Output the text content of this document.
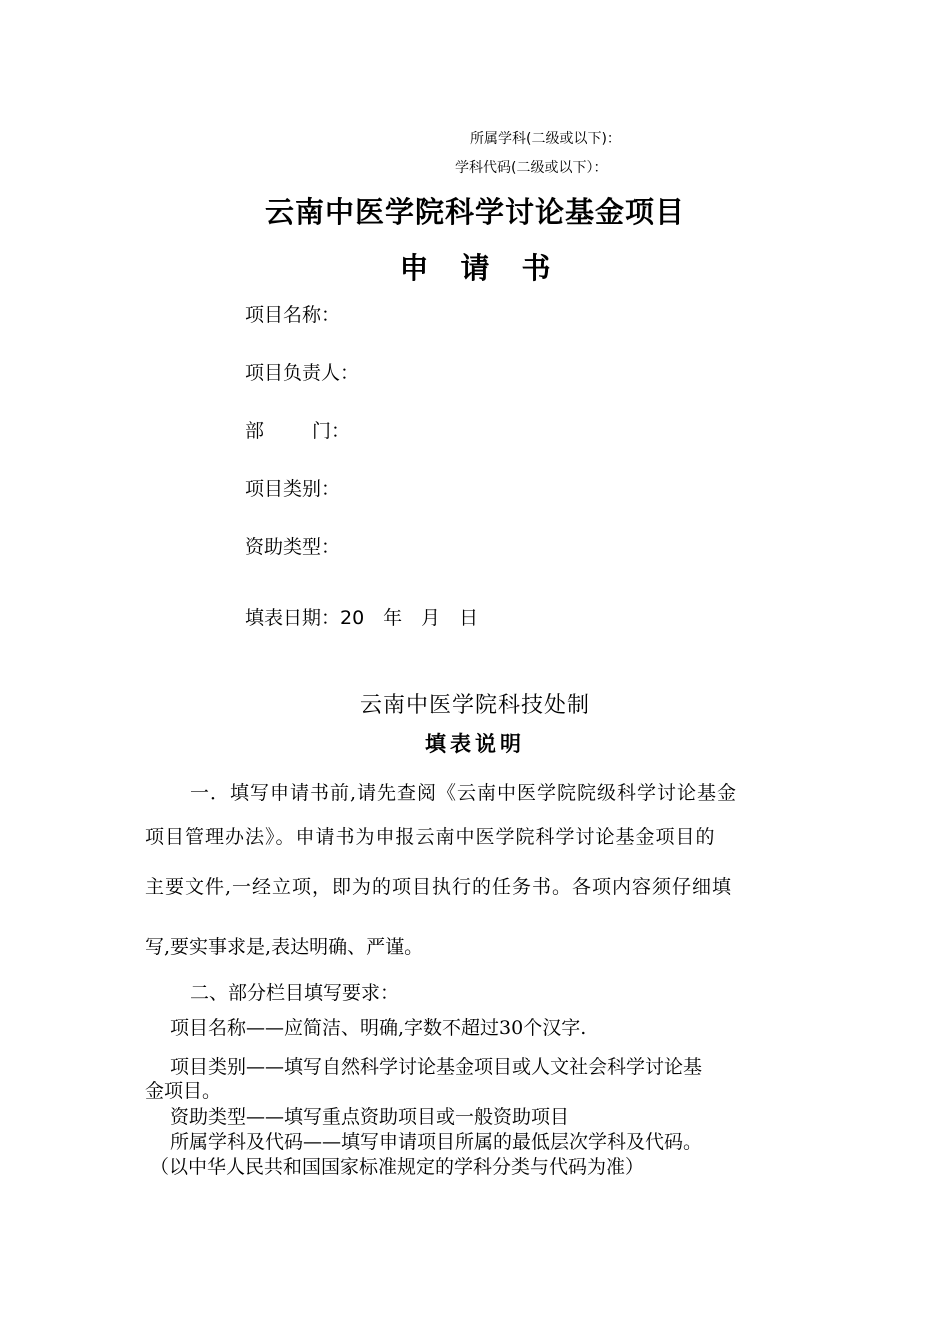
所属学科(二级或以下)：
学科代码(二级或以下）：
云南中医学院科学讨论基金项目
申 请 书
项目名称：
项目负责人：
部	门：
项目类别：
资助类型：
填表日期：20　年　月　日
云南中医学院科技处制
填表说明
一．填写申请书前,请先查阅《云南中医学院院级科学讨论基金
项目管理办法》。申请书为申报云南中医学院科学讨论基金项目的
主要文件,一经立项，即为的项目执行的任务书。各项内容须仔细填
写,要实事求是,表达明确、严谨。
二、部分栏目填写要求：
项目名称——应简洁、明确,字数不超过30个汉字.
项目类别——填写自然科学讨论基金项目或人文社会科学讨论基
金项目。
资助类型——填写重点资助项目或一般资助项目
所属学科及代码——填写申请项目所属的最低层次学科及代码。
（以中华人民共和国国家标准规定的学科分类与代码为准）
